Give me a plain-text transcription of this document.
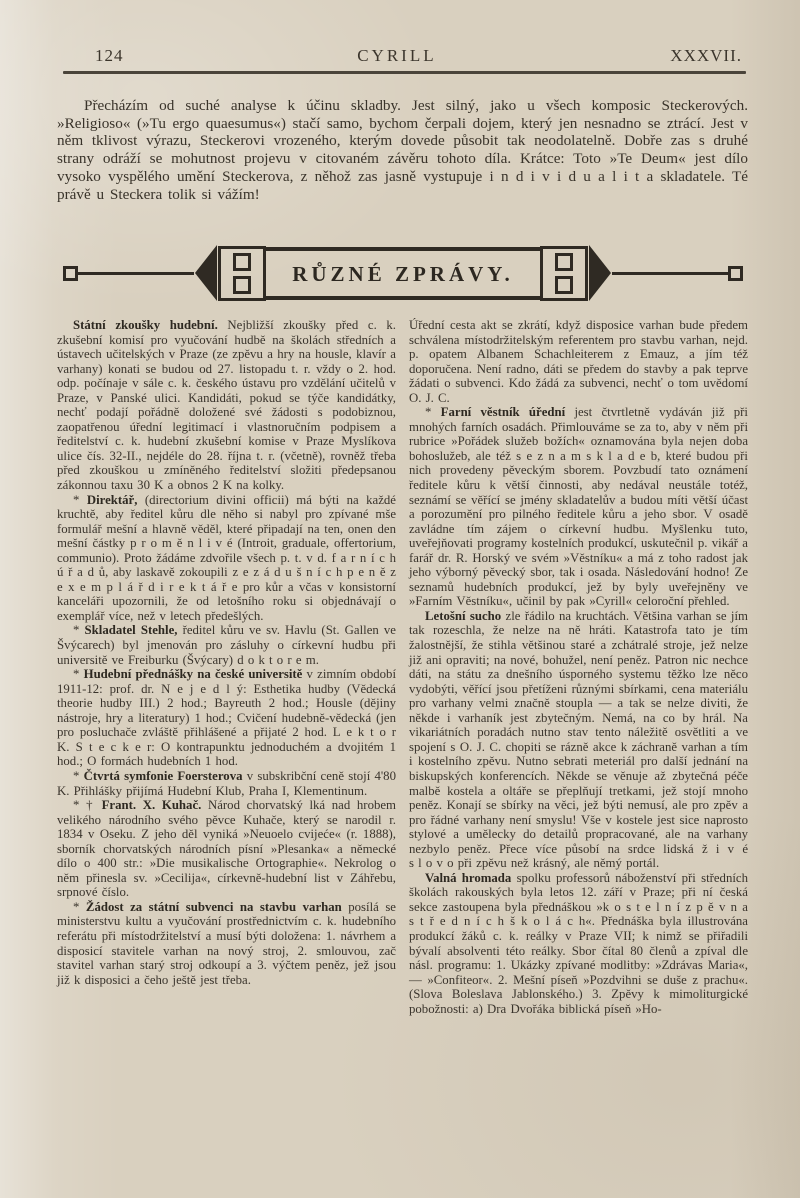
124	CYRILL	XXXVII.

Přecházím od suché analyse k účinu skladby. Jest silný, jako u všech komposic Steckerových. »Religioso« (»Tu ergo quaesumus«) stačí samo, bychom čerpali dojem, který jen nesnadno se ztrácí. Jest v něm tklivost výrazu, Steckerovi vrozeného, kterým dovede působit tak neodolatelně. Dobře zas s druhé strany odráží se mohutnost projevu v citovaném závěru tohoto díla. Krátce: Toto »Te Deum« jest dílo vysoko vyspělého umění Steckerova, z něhož zas jasně vystupuje i n d i v i d u a l i t a skladatele. Té právě u Steckera tolik si vážím!

RŮZNÉ ZPRÁVY.

Státní zkoušky hudební. Nejbližší zkoušky před c. k. zkušební komisí pro vyučování hudbě na školách středních a ústavech učitelských v Praze (ze zpěvu a hry na housle, klavír a varhany) konati se budou od 27. listopadu t. r. vždy o 2. hod. odp. počínaje v sále c. k. českého ústavu pro vzdělání učitelů v Praze, v Panské ulici. Kandidáti, pokud se týče kandidátky, nechť podají pořádně doložené své žádosti s podobiznou, zaopatřenou úřední legitimací i vlastnoručním podpisem a ředitelství c. k. hudební zkušební komise v Praze Myslíkova ulice čís. 32-II., nejdéle do 28. října t. r. (včetně), rovněž třeba před zkouškou u zmíněného ředitelství složiti předepsanou zákonnou taxu 30 K a obnos 2 K na kolky.

* Direktář, (directorium divini officii) má býti na každé kruchtě, aby ředitel kůru dle něho si nabyl pro zpívané mše formulář mešní a hlavně věděl, které připadají na ten, onen den mešní částky p r o m ě n l i v é (Introit, graduale, offertorium, communio). Proto žádáme zdvořile všech p. t. v d. f a r n í c h ú ř a d ů, aby laskavě zokoupili z e z á d u š n í c h p e n ě z e x e m p l á ř d i r e k t á ř e pro kůr a včas v konsistorní kanceláři upozornili, že od letošního roku si objednávají o exemplář více, než v letech předešlých.

* Skladatel Stehle, ředitel kůru ve sv. Havlu (St. Gallen ve Švýcarech) byl jmenován pro zásluhy o církevní hudbu při universitě ve Freiburku (Švýcary) d o k t o r e m.

* Hudební přednášky na české universitě v zimním období 1911-12: prof. dr. N e j e d l ý: Esthetika hudby (Vědecká theorie hudby III.) 2 hod.; Bayreuth 2 hod.; Housle (dějiny nástroje, hry a literatury) 1 hod.; Cvičení hudebně-vědecká (jen pro posluchače zvláště přihlášené a přijaté 2 hod. L e k t o r K. S t e c k e r: O kontrapunktu jednoduchém a dvojitém 1 hod.; O formách hudebních 1 hod.

* Čtvrtá symfonie Foersterova v subskribční ceně stojí 4'80 K. Přihlášky přijímá Hudební Klub, Praha I, Klementinum.

* † Frant. X. Kuhač. Národ chorvatský lká nad hrobem velikého národního svého pěvce Kuhače, který se narodil r. 1834 v Oseku. Z jeho děl vyniká »Neuoelo cvijeće« (r. 1888), sborník chorvatských národních písní »Plesanka« a německé dílo o 400 str.: »Die musikalische Ortographie«. Nekrolog o něm přinesla sv. »Cecilija«, církevně-hudební list v Záhřebu, srpnové číslo.

* Žádost za státní subvenci na stavbu varhan posílá se ministerstvu kultu a vyučování prostřednictvím c. k. hudebního referátu při místodržitelství a musí býti doložena: 1. návrhem a disposicí stavitele varhan na nový stroj, 2. smlouvou, zač stavitel varhan starý stroj odkoupí a 3. výčtem peněz, jež jsou již k disposici a čeho ještě jest třeba.

Úřední cesta akt se zkrátí, když disposice varhan bude předem schválena místodržitelským referentem pro stavbu varhan, nejd. p. opatem Albanem Schachleiterem z Emauz, a jím též doporučena. Není radno, dáti se předem do stavby a pak teprve žádati o subvenci. Kdo žádá za subvenci, nechť o tom uvědomí O. J. C.

* Farní věstník úřední jest čtvrtletně vydáván již při mnohých farních osadách. Přimlouváme se za to, aby v něm při rubrice »Pořádek služeb božích« oznamována byla nejen doba bohoslužeb, ale též s e z n a m s k l a d e b, které budou při nich provedeny pěveckým sborem. Povzbudí tato oznámení ředitele kůru k větší činnosti, aby nedával neustále totéž, seznámí se věřící se jmény skladatelův a budou míti větší účast a porozumění pro pilného ředitele kůru a jeho sbor. V osadě zavládne tím zájem o církevní hudbu. Myšlenku tuto, uveřejňovati programy kostelních produkcí, uskutečnil p. vikář a farář dr. R. Horský ve svém »Věstníku« a má z toho radost jak jeho výborný pěvecký sbor, tak i osada. Následování hodno! Ze seznamů hudebních produkcí, jež by byly uveřejněny ve »Farním Věstníku«, učinil by pak »Cyrill« celoroční přehled.

Letošní sucho zle řádilo na kruchtách. Většina varhan se jím tak rozeschla, že nelze na ně hráti. Katastrofa tato je tím žalostnější, že stihla většinou staré a zchátralé stroje, jež nelze již ani opraviti; na nové, bohužel, není peněz. Patron nic nechce dáti, na státu za dnešního úsporného systemu těžko lze něco vydobýti, věřící jsou přetíženi různými sbírkami, cena materiálu pro varhany velmi značně stoupla — a tak se nelze diviti, že někde i varhaník jest zbytečným. Nemá, na co by hrál. Na vikariátních poradách nutno stav tento náležitě osvětliti a ve spojení s O. J. C. chopiti se rázně akce k záchraně varhan a tím i kostelního zpěvu. Nutno sebrati meteriál pro další jednání na biskupských konferencích. Někde se věnuje až zbytečná péče malbě kostela a oltáře se přeplňují tretkami, jež stojí mnoho peněz. Konají se sbírky na věci, jež býti nemusí, ale pro zpěv a pro řádné varhany není smyslu! Vše v kostele jest sice naprosto stylové a umělecky do detailů propracované, ale na varhany nezbylo peněz. Přece více působí na srdce lidská ž i v é s l o v o při zpěvu než krásný, ale němý portál.

Valná hromada spolku professorů náboženství při středních školách rakouských byla letos 12. září v Praze; při ní česká sekce zastoupena byla přednáškou »k o s t e l n í z p ě v n a s t ř e d n í c h š k o l á c h«. Přednáška byla illustrována produkcí žáků c. k. reálky v Praze VII; k nimž se přiřadili bývalí absolventi této reálky. Sbor čítal 80 členů a zpíval dle násl. programu: 1. Ukázky zpívané modlitby: »Zdrávas Maria«, — »Confiteor«. 2. Mešní píseň »Pozdvihni se duše z prachu«. (Slova Boleslava Jablonského.) 3. Zpěvy k mimoliturgické pobožnosti: a) Dra Dvořáka biblická píseň »Ho-
